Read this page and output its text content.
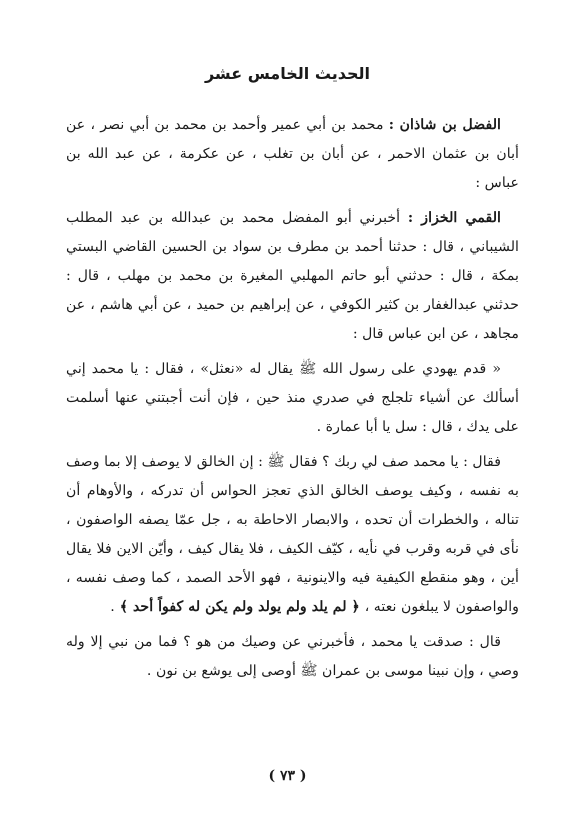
الحديث الخامس عشر

الفضل بن شاذان : محمد بن أبي عمير وأحمد بن محمد بن أبي نصر ، عن أبان بن عثمان الاحمر ، عن أبان بن تغلب ، عن عكرمة ، عن عبد الله بن عباس :

القمي الخزاز : أخبرني أبو المفضل محمد بن عبدالله بن عبد المطلب الشيباني ، قال : حدثنا أحمد بن مطرف بن سواد بن الحسين القاضي البستي بمكة ، قال : حدثني أبو حاتم المهلبي المغيرة بن محمد بن مهلب ، قال : حدثني عبدالغفار بن كثير الكوفي ، عن إبراهيم بن حميد ، عن أبي هاشم ، عن مجاهد ، عن ابن عباس قال :

« قدم يهودي على رسول الله ﷺ يقال له «نعثل» ، فقال : يا محمد إني أسألك عن أشياء تلجلج في صدري منذ حين ، فإن أنت أجبتني عنها أسلمت على يدك ، قال : سل يا أبا عمارة .

فقال : يا محمد صف لي ربك ؟ فقال ﷺ : إن الخالق لا يوصف إلا بما وصف به نفسه ، وكيف يوصف الخالق الذي تعجز الحواس أن تدركه ، والأوهام أن تناله ، والخطرات أن تحده ، والابصار الاحاطة به ، جل عمّا يصفه الواصفون ، نأى في قربه وقرب في نأيه ، كيّف الكيف ، فلا يقال كيف ، وأيّن الاين فلا يقال أين ، وهو منقطع الكيفية فيه والاينونية ، فهو الأحد الصمد ، كما وصف نفسه ، والواصفون لا يبلغون نعته ، ﴿ لم يلد ولم يولد ولم يكن له كفواً أحد ﴾ .

قال : صدقت يا محمد ، فأخبرني عن وصيك من هو ؟ فما من نبي إلا وله وصي ، وإن نبينا موسى بن عمران ﷺ أوصى إلى يوشع بن نون .

( ٧٣ )
